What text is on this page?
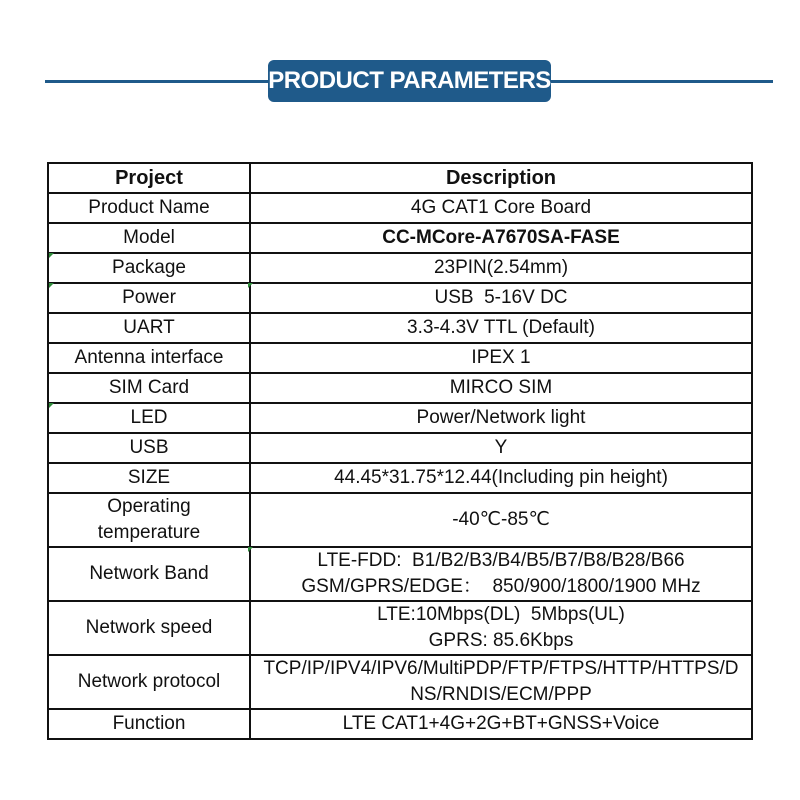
PRODUCT PARAMETERS
Project	Description
Product Name	4G CAT1 Core Board
Model	CC-MCore-A7670SA-FASE
Package	23PIN(2.54mm)
Power	USB  5-16V DC
UART	3.3-4.3V TTL (Default)
Antenna interface	IPEX 1
SIM Card	MIRCO SIM
LED	Power/Network light
USB	Y
SIZE	44.45*31.75*12.44(Including pin height)

Operating
temperature	-40℃-85℃
Network Band	LTE-FDD:  B1/B2/B3/B4/B5/B7/B8/B28/B66
GSM/GPRS/EDGE：  850/900/1800/1900 MHz

Network speed	LTE:10Mbps(DL)  5Mbps(UL)
GPRS: 85.6Kbps

Network protocol	TCP/IP/IPV4/IPV6/MultiPDP/FTP/FTPS/HTTP/HTTPS/D
NS/RNDIS/ECM/PPP

Function	LTE CAT1+4G+2G+BT+GNSS+Voice
